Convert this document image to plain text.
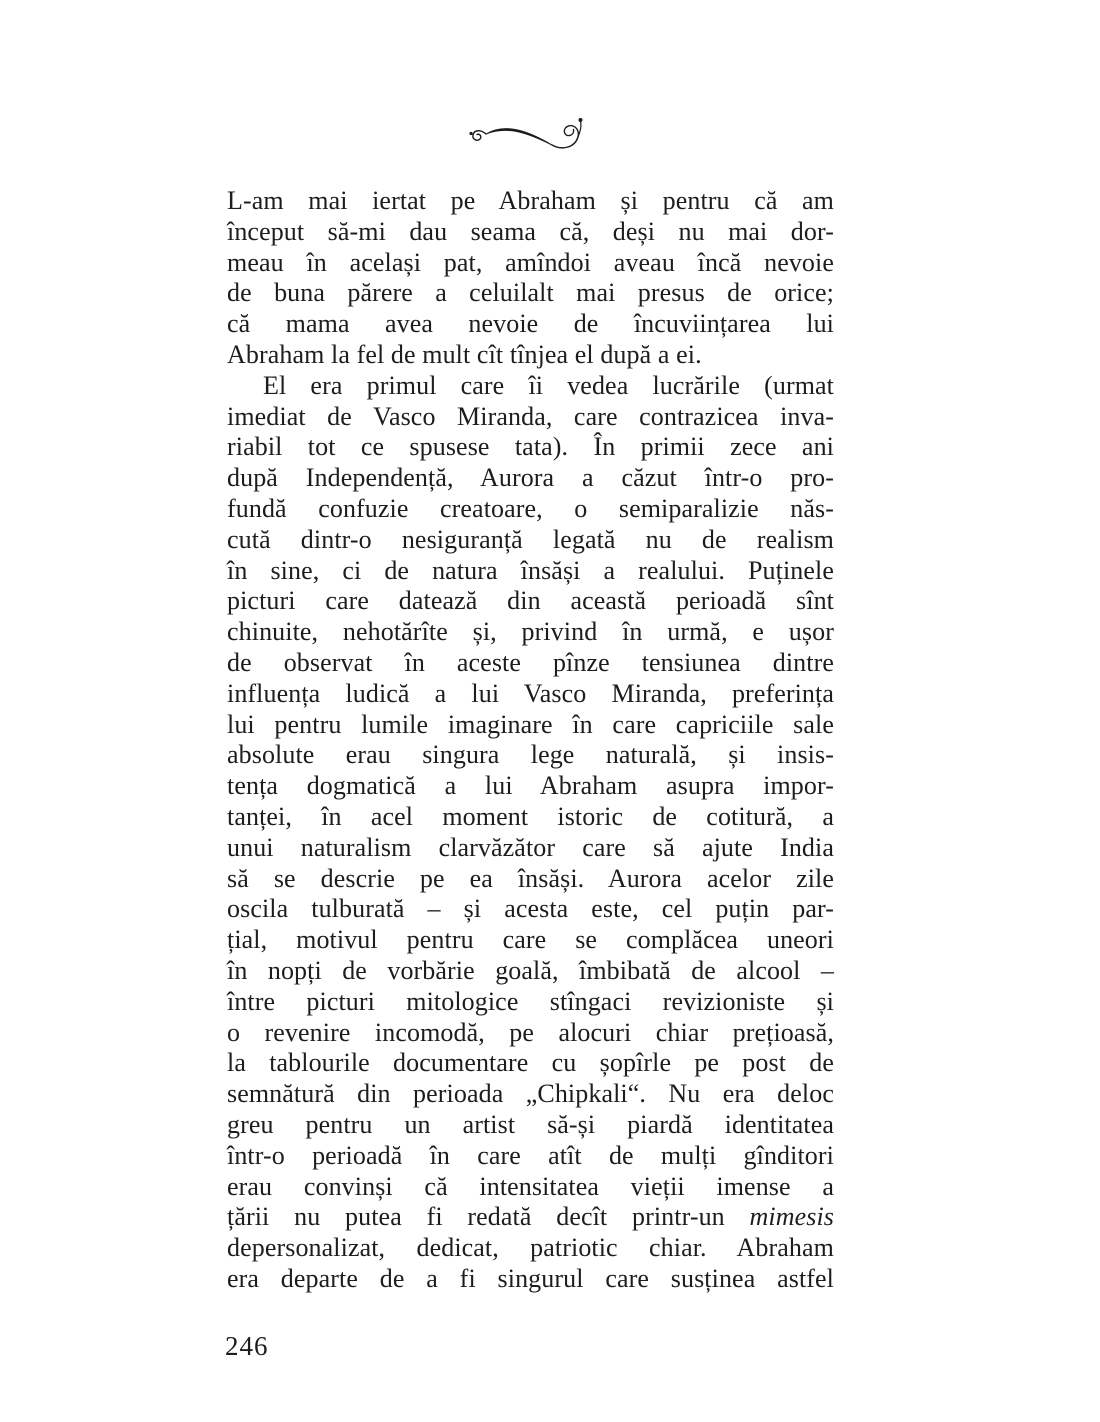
L-am mai iertat pe Abraham și pentru că am
început să-mi dau seama că, deși nu mai dor-
meau în același pat, amîndoi aveau încă nevoie
de buna părere a celuilalt mai presus de orice;
că mama avea nevoie de încuviințarea lui
Abraham la fel de mult cît tînjea el după a ei.
El era primul care îi vedea lucrările (urmat
imediat de Vasco Miranda, care contrazicea inva-
riabil tot ce spusese tata). În primii zece ani
după Independență, Aurora a căzut într-o pro-
fundă confuzie creatoare, o semiparalizie năs-
cută dintr-o nesiguranță legată nu de realism
în sine, ci de natura însăși a realului. Puținele
picturi care datează din această perioadă sînt
chinuite, nehotărîte și, privind în urmă, e ușor
de observat în aceste pînze tensiunea dintre
influența ludică a lui Vasco Miranda, preferința
lui pentru lumile imaginare în care capriciile sale
absolute erau singura lege naturală, și insis-
tența dogmatică a lui Abraham asupra impor-
tanței, în acel moment istoric de cotitură, a
unui naturalism clarvăzător care să ajute India
să se descrie pe ea însăși. Aurora acelor zile
oscila tulburată – și acesta este, cel puțin par-
țial, motivul pentru care se complăcea uneori
în nopți de vorbărie goală, îmbibată de alcool –
între picturi mitologice stîngaci revizioniste și
o revenire incomodă, pe alocuri chiar prețioasă,
la tablourile documentare cu șopîrle pe post de
semnătură din perioada „Chipkali“. Nu era deloc
greu pentru un artist să-și piardă identitatea
într-o perioadă în care atît de mulți gînditori
erau convinși că intensitatea vieții imense a
țării nu putea fi redată decît printr-un mimesis
depersonalizat, dedicat, patriotic chiar. Abraham
era departe de a fi singurul care susținea astfel
246
